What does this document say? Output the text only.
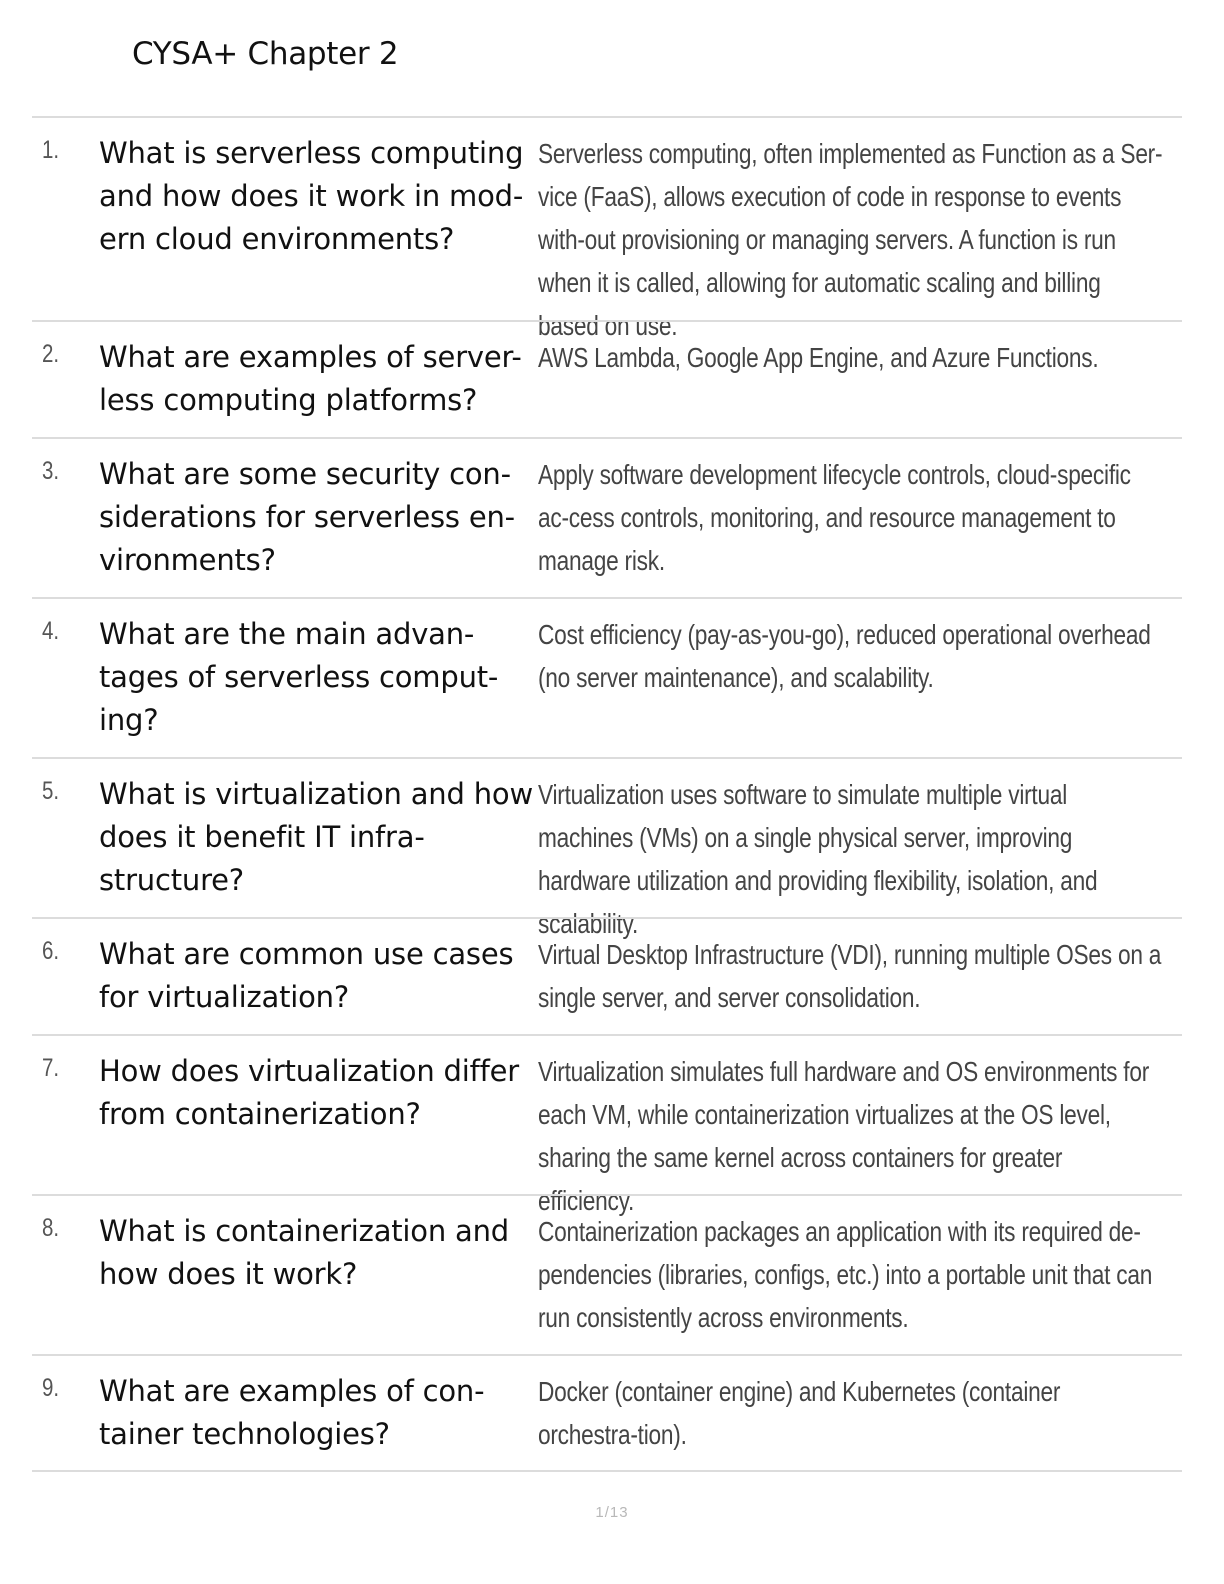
CYSA+ Chapter 2
1. What is serverless computing and how does it work in mod-ern cloud environments?
Serverless computing, often implemented as Function as a Ser-vice (FaaS), allows execution of code in response to events with-out provisioning or managing servers. A function is run when it is called, allowing for automatic scaling and billing based on use.
2. What are examples of server-less computing platforms?
AWS Lambda, Google App Engine, and Azure Functions.
3. What are some security con-siderations for serverless en-vironments?
Apply software development lifecycle controls, cloud-specific ac-cess controls, monitoring, and resource management to manage risk.
4. What are the main advan-tages of serverless comput-ing?
Cost efficiency (pay-as-you-go), reduced operational overhead (no server maintenance), and scalability.
5. What is virtualization and how does it benefit IT infra-structure?
Virtualization uses software to simulate multiple virtual machines (VMs) on a single physical server, improving hardware utilization and providing flexibility, isolation, and scalability.
6. What are common use cases for virtualization?
Virtual Desktop Infrastructure (VDI), running multiple OSes on a single server, and server consolidation.
7. How does virtualization differ from containerization?
Virtualization simulates full hardware and OS environments for each VM, while containerization virtualizes at the OS level, sharing the same kernel across containers for greater efficiency.
8. What is containerization and how does it work?
Containerization packages an application with its required de-pendencies (libraries, configs, etc.) into a portable unit that can run consistently across environments.
9. What are examples of con-tainer technologies?
Docker (container engine) and Kubernetes (container orchestra-tion).
1/13
